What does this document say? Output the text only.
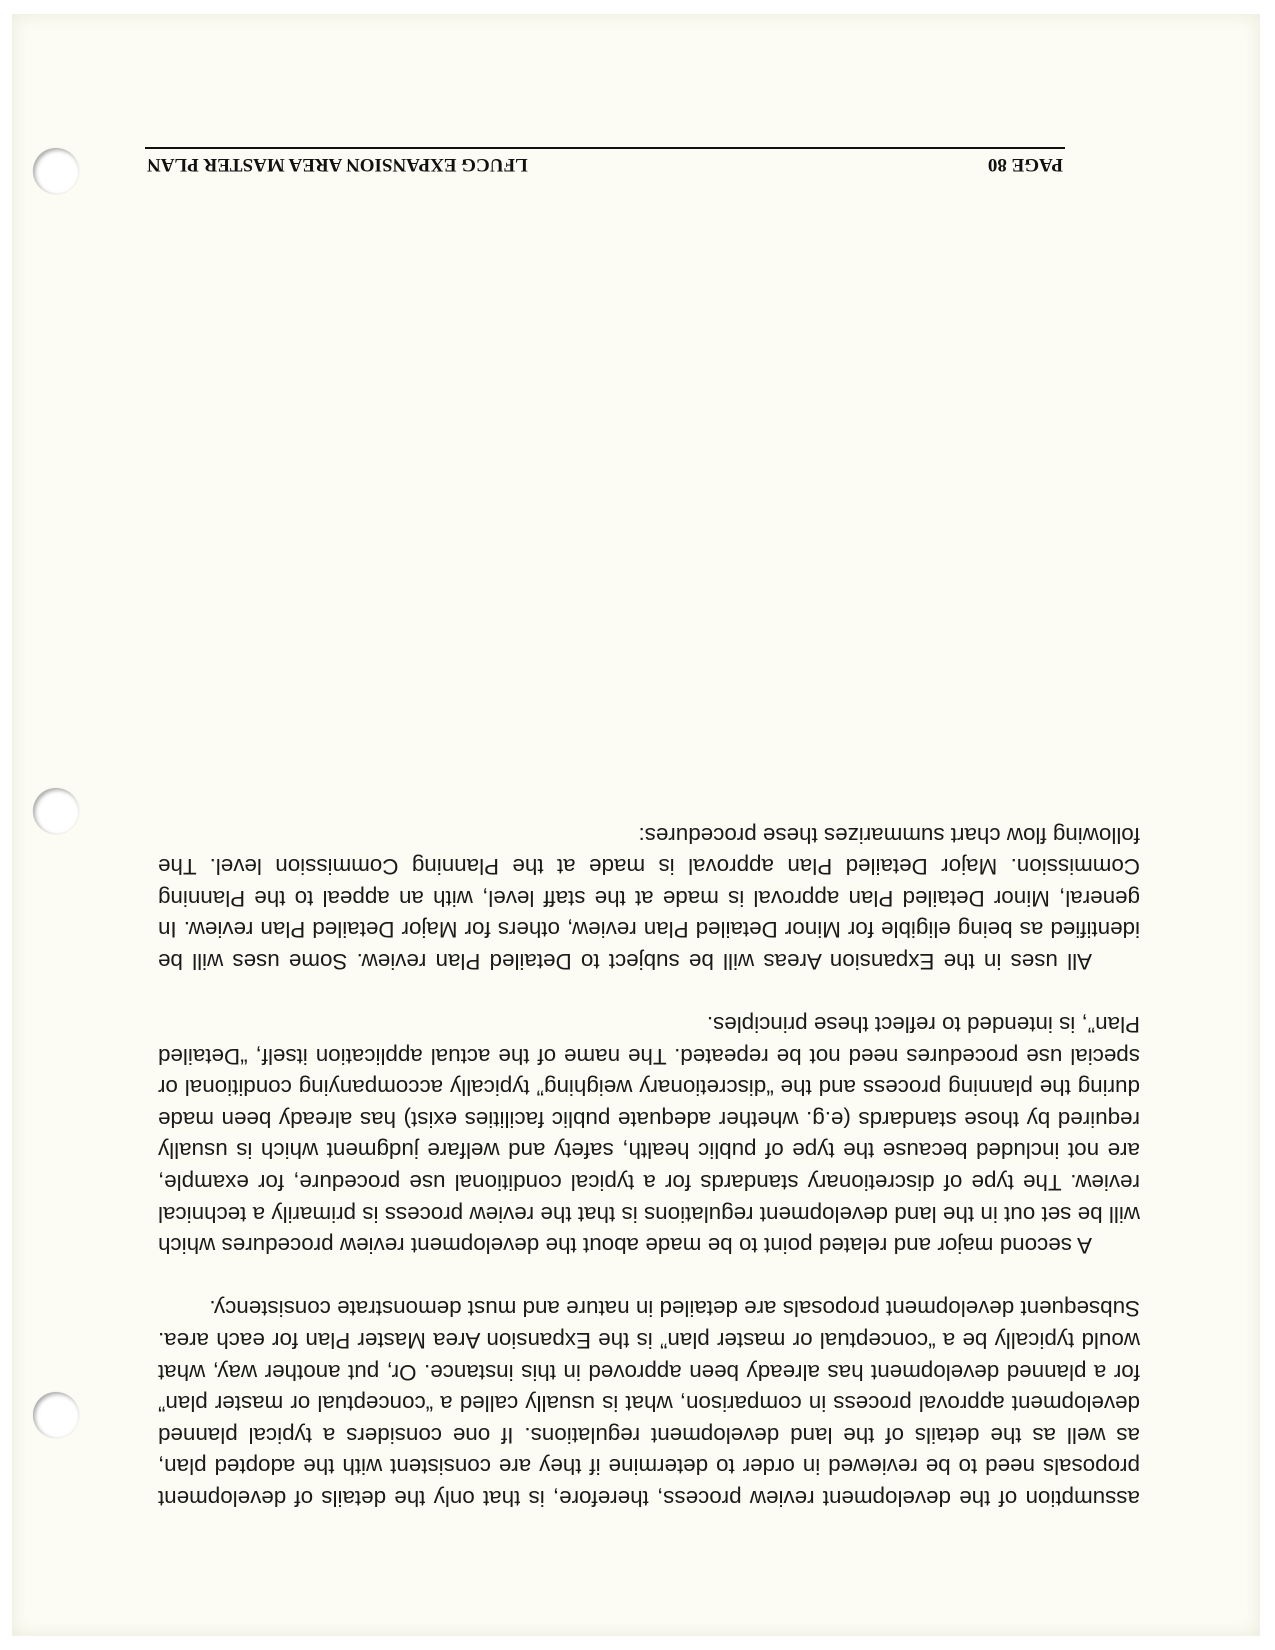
PAGE 80
LFUCG EXPANSION AREA MASTER PLAN

assumption of the development review process, therefore, is that only the details of development proposals need to be reviewed in order to determine if they are consistent with the adopted plan, as well as the details of the land development regulations. If one considers a typical planned development approval process in comparison, what is usually called a “conceptual or master plan” for a planned development has already been approved in this instance. Or, put another way, what would typically be a “conceptual or master plan” is the Expansion Area Master Plan for each area. Subsequent development proposals are detailed in nature and must demonstrate consistency.

A second major and related point to be made about the development review procedures which will be set out in the land development regulations is that the review process is primarily a technical review. The type of discretionary standards for a typical conditional use procedure, for example, are not included because the type of public health, safety and welfare judgment which is usually required by those standards (e.g. whether adequate public facilities exist) has already been made during the planning process and the “discretionary weighing” typically accompanying conditional or special use procedures need not be repeated. The name of the actual application itself, “Detailed Plan”, is intended to reflect these principles.

All uses in the Expansion Areas will be subject to Detailed Plan review. Some uses will be identified as being eligible for Minor Detailed Plan review, others for Major Detailed Plan review. In general, Minor Detailed Plan approval is made at the staff level, with an appeal to the Planning Commission. Major Detailed Plan approval is made at the Planning Commission level. The following flow chart summarizes these procedures:
